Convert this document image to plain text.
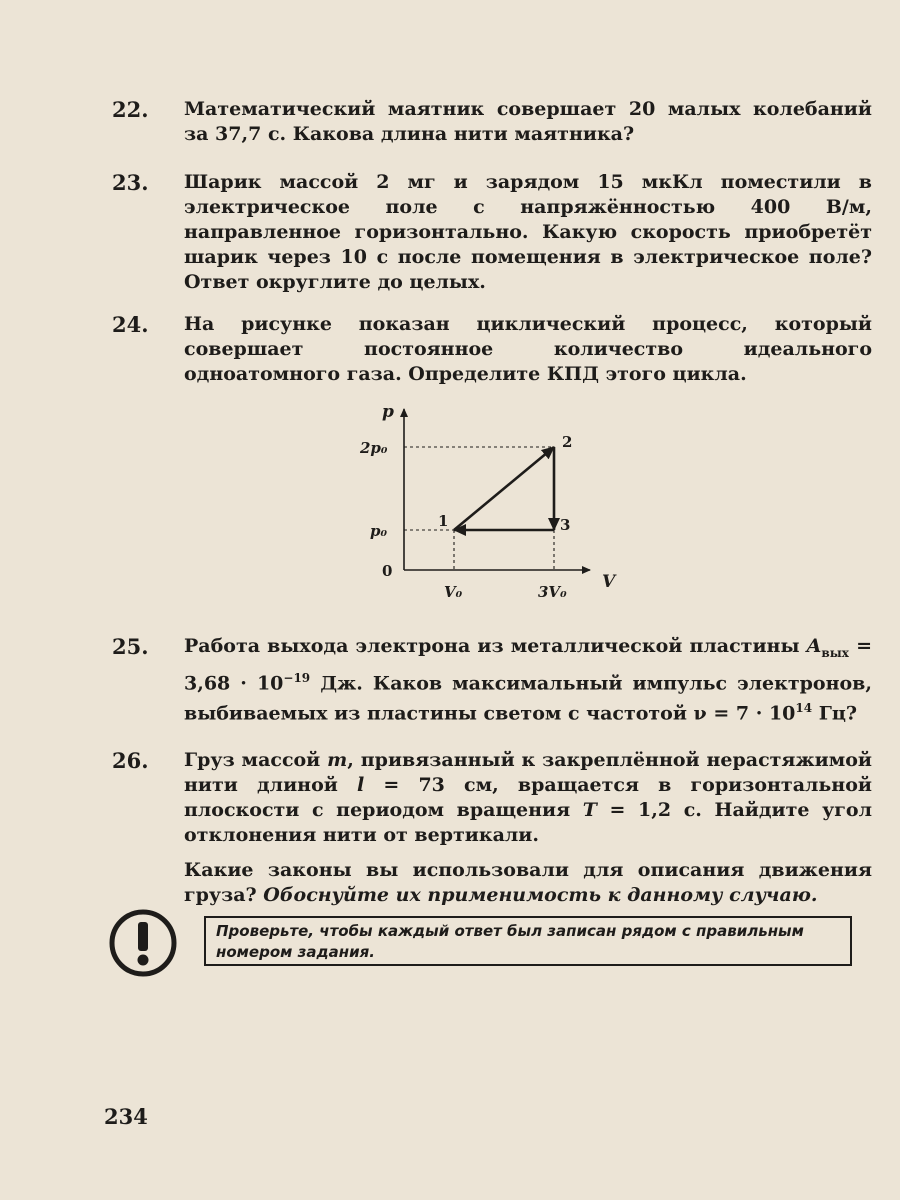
22. Математический маятник совершает 20 малых колебаний за 37,7 с. Какова длина нити маятника?

23. Шарик массой 2 мг и зарядом 15 мкКл поместили в электрическое поле с напряжённостью 400 В/м, направленное горизонтально. Какую скорость приобретёт шарик через 10 с после помещения в электрическое поле? Ответ округлите до целых.

24. На рисунке показан циклический процесс, который совершает постоянное количество идеального одноатомного газа. Определите КПД этого цикла.

p
V
0
2p₀
p₀
V₀	3V₀
1
2
3
25. Работа выхода электрона из металлической пластины $A_{вых} = 3,68 \cdot 10^{-19}$ Дж. Каков максимальный импульс электронов, выбиваемых из пластины светом с частотой $\nu = 7 \cdot 10^{14}$ Гц?

26. Груз массой m, привязанный к закреплённой нерастяжимой нити длиной l = 73 см, вращается в горизонтальной плоскости с периодом вращения T = 1,2 с. Найдите угол отклонения нити от вертикали.

Какие законы вы использовали для описания движения груза? Обоснуйте их применимость к данному случаю.

Проверьте, чтобы каждый ответ был записан рядом с правильным номером задания.
234
